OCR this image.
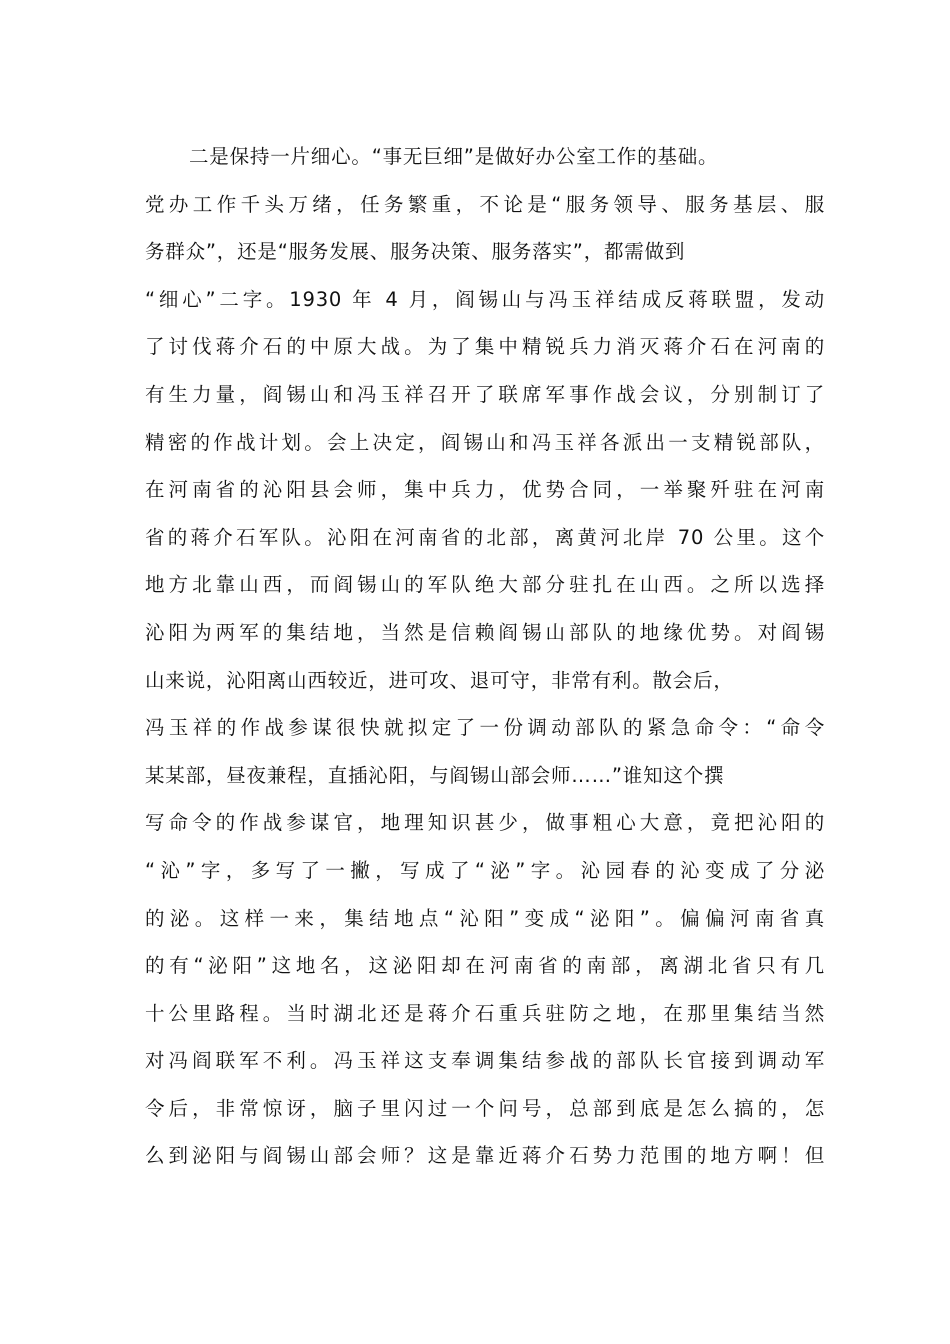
二是保持一片细心。“事无巨细”是做好办公室工作的基础。
党办工作千头万绪，任务繁重，不论是“服务领导、服务基层、服
务群众”，还是“服务发展、服务决策、服务落实”，都需做到
“细心”二字。1930 年 4 月，阎锡山与冯玉祥结成反蒋联盟，发动
了讨伐蒋介石的中原大战。为了集中精锐兵力消灭蒋介石在河南的
有生力量，阎锡山和冯玉祥召开了联席军事作战会议，分别制订了
精密的作战计划。会上决定，阎锡山和冯玉祥各派出一支精锐部队，
在河南省的沁阳县会师，集中兵力，优势合同，一举聚歼驻在河南
省的蒋介石军队。沁阳在河南省的北部，离黄河北岸 70 公里。这个
地方北靠山西，而阎锡山的军队绝大部分驻扎在山西。之所以选择
沁阳为两军的集结地，当然是信赖阎锡山部队的地缘优势。对阎锡
山来说，沁阳离山西较近，进可攻、退可守，非常有利。散会后，
冯玉祥的作战参谋很快就拟定了一份调动部队的紧急命令：“命令
某某部，昼夜兼程，直插沁阳，与阎锡山部会师……”谁知这个撰
写命令的作战参谋官，地理知识甚少，做事粗心大意，竟把沁阳的
“沁”字，多写了一撇，写成了“泌”字。沁园春的沁变成了分泌
的泌。这样一来，集结地点“沁阳”变成“泌阳”。偏偏河南省真
的有“泌阳”这地名，这泌阳却在河南省的南部，离湖北省只有几
十公里路程。当时湖北还是蒋介石重兵驻防之地，在那里集结当然
对冯阎联军不利。冯玉祥这支奉调集结参战的部队长官接到调动军
令后，非常惊讶，脑子里闪过一个问号，总部到底是怎么搞的，怎
么到泌阳与阎锡山部会师？这是靠近蒋介石势力范围的地方啊！但
